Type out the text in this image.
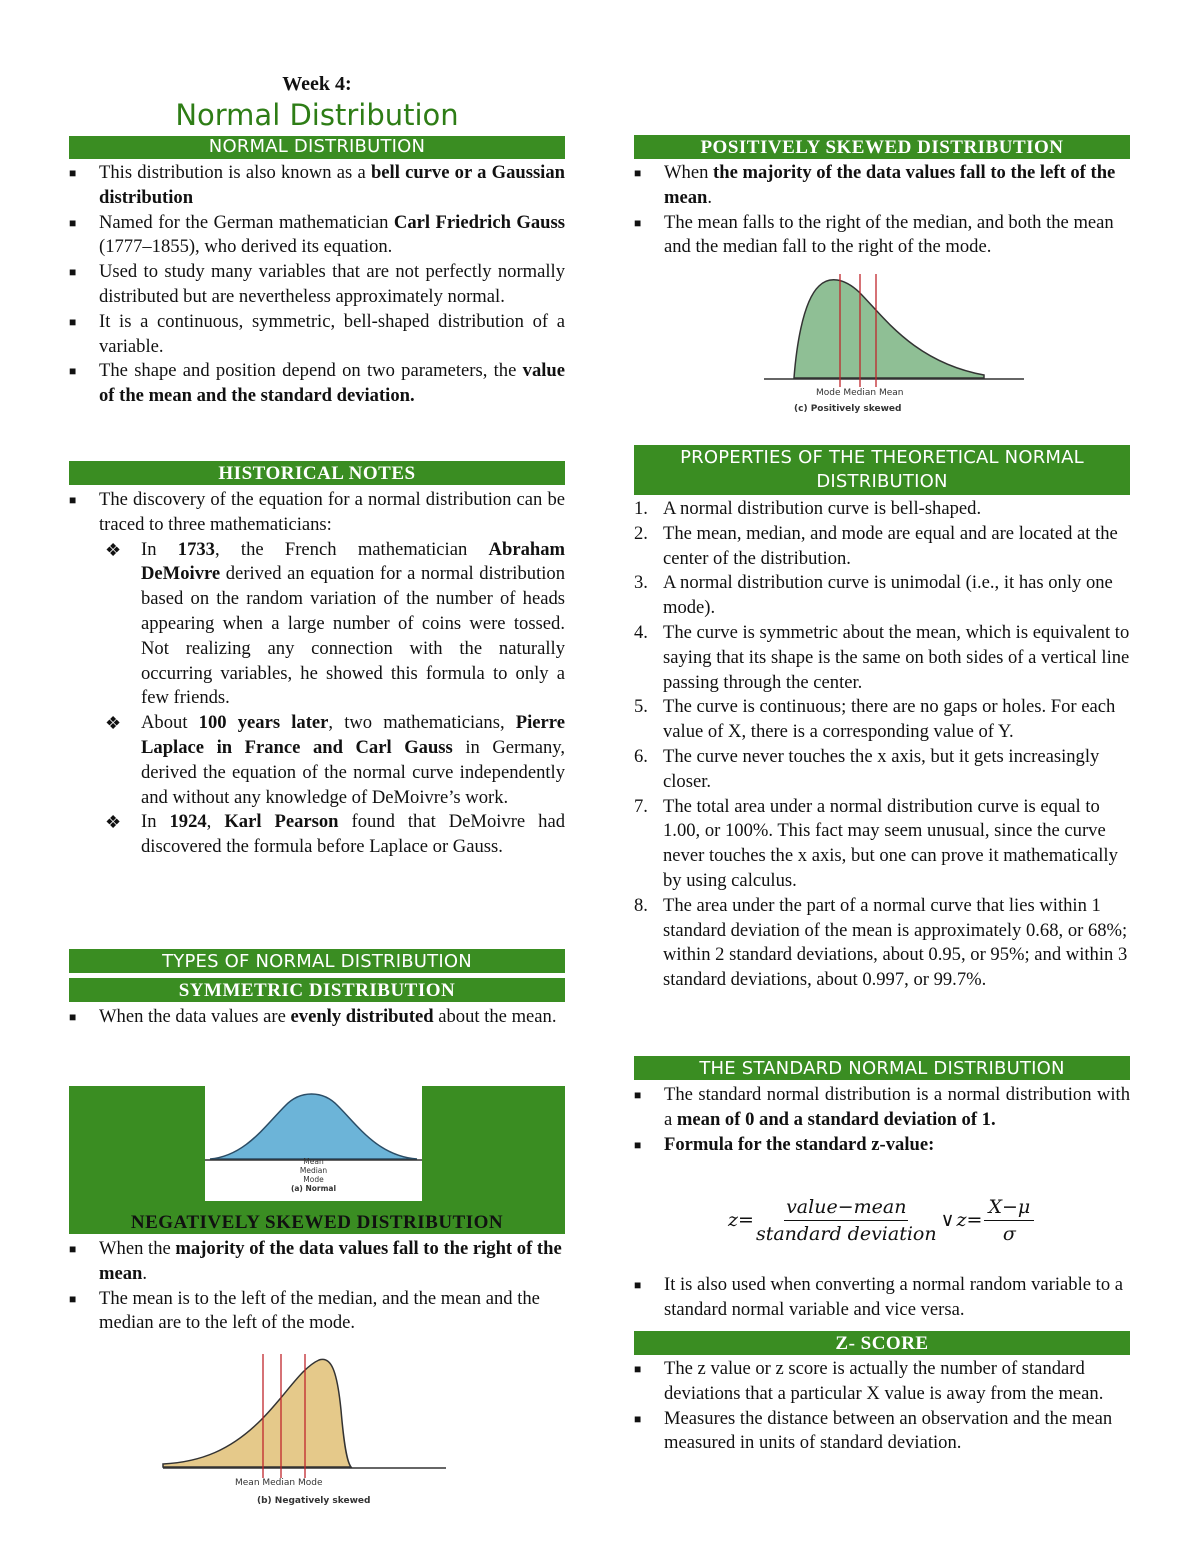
Week 4:
Normal Distribution
NORMAL DISTRIBUTION
■ This distribution is also known as a bell curve or a Gaussian distribution
■ Named for the German mathematician Carl Friedrich Gauss (1777–1855), who derived its equation.
■ Used to study many variables that are not perfectly normally distributed but are nevertheless approximately normal.
■ It is a continuous, symmetric, bell-shaped distribution of a variable.
■ The shape and position depend on two parameters, the value of the mean and the standard deviation.
HISTORICAL NOTES
■ The discovery of the equation for a normal distribution can be traced to three mathematicians:
❖ In 1733, the French mathematician Abraham DeMoivre derived an equation for a normal distribution based on the random variation of the number of heads appearing when a large number of coins were tossed. Not realizing any connection with the naturally occurring variables, he showed this formula to only a few friends.
❖ About 100 years later, two mathematicians, Pierre Laplace in France and Carl Gauss in Germany, derived the equation of the normal curve independently and without any knowledge of DeMoivre’s work.
❖ In 1924, Karl Pearson found that DeMoivre had discovered the formula before Laplace or Gauss.
TYPES OF NORMAL DISTRIBUTION
SYMMETRIC DISTRIBUTION
■ When the data values are evenly distributed about the mean.
Mean
Median
Mode
(a) Normal
NEGATIVELY SKEWED DISTRIBUTION
■ When the majority of the data values fall to the right of the mean.
■ The mean is to the left of the median, and the mean and the median are to the left of the mode.
Mean Median Mode
(b) Negatively skewed
POSITIVELY SKEWED DISTRIBUTION
■ When the majority of the data values fall to the left of the mean.
■ The mean falls to the right of the median, and both the mean and the median fall to the right of the mode.
Mode Median Mean
(c) Positively skewed
PROPERTIES OF THE THEORETICAL NORMAL DISTRIBUTION
1. A normal distribution curve is bell-shaped.
2. The mean, median, and mode are equal and are located at the center of the distribution.
3. A normal distribution curve is unimodal (i.e., it has only one mode).
4. The curve is symmetric about the mean, which is equivalent to saying that its shape is the same on both sides of a vertical line passing through the center.
5. The curve is continuous; there are no gaps or holes. For each value of X, there is a corresponding value of Y.
6. The curve never touches the x axis, but it gets increasingly closer.
7. The total area under a normal distribution curve is equal to 1.00, or 100%. This fact may seem unusual, since the curve never touches the x axis, but one can prove it mathematically by using calculus.
8. The area under the part of a normal curve that lies within 1 standard deviation of the mean is approximately 0.68, or 68%; within 2 standard deviations, about 0.95, or 95%; and within 3 standard deviations, about 0.997, or 99.7%.
THE STANDARD NORMAL DISTRIBUTION
■ The standard normal distribution is a normal distribution with a mean of 0 and a standard deviation of 1.
■ Formula for the standard z-value:
z=
value−mean
standard deviation
∨ $z= \frac{X-\mu}{\sigma}$
■ It is also used when converting a normal random variable to a standard normal variable and vice versa.
Z- SCORE
■ The z value or z score is actually the number of standard deviations that a particular X value is away from the mean.
■ Measures the distance between an observation and the mean measured in units of standard deviation.
